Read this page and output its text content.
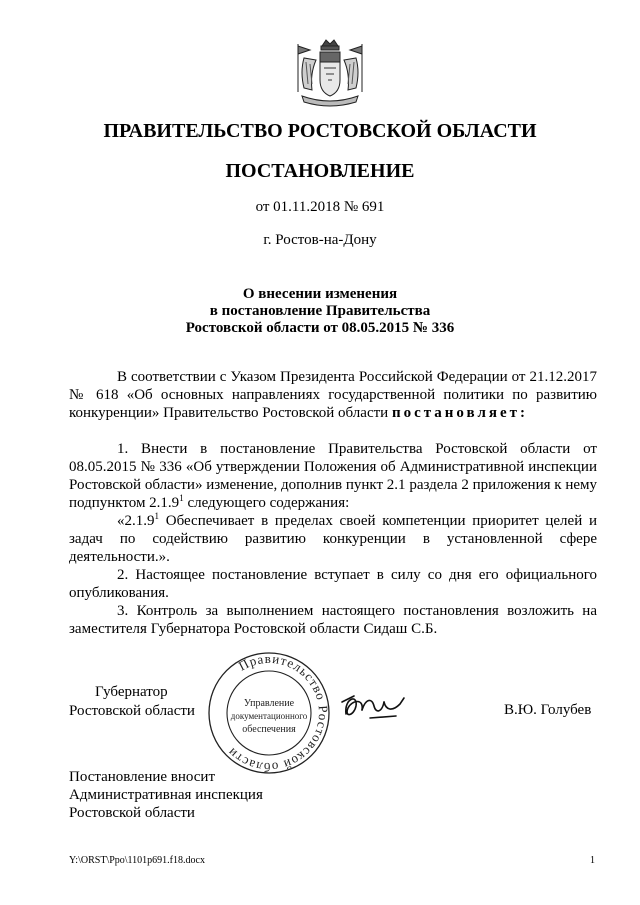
ПРАВИТЕЛЬСТВО РОСТОВСКОЙ ОБЛАСТИ
ПОСТАНОВЛЕНИЕ
от 01.11.2018 № 691
г. Ростов-на-Дону
О внесении изменения
в постановление Правительства
Ростовской области от 08.05.2015 № 336

В соответствии с Указом Президента Российской Федерации от 21.12.2017 № 618 «Об основных направлениях государственной политики по развитию конкуренции» Правительство Ростовской области постановляет:

1. Внести в постановление Правительства Ростовской области от 08.05.2015 № 336 «Об утверждении Положения об Административной инспекции Ростовской области» изменение, дополнив пункт 2.1 раздела 2 приложения к нему подпунктом 2.1.9$^1$ следующего содержания:

«2.1.9$^1$ Обеспечивает в пределах своей компетенции приоритет целей и задач по содействию развитию конкуренции в установленной сфере деятельности.».

2. Настоящее постановление вступает в силу со дня его официального опубликования.

3. Контроль за выполнением настоящего постановления возложить на заместителя Губернатора Ростовской области Сидаш С.Б.

Губернатор
Ростовской области
Правительство Ростовской области
Управление
документационного
обеспечения
В.Ю. Голубев
Постановление вносит
Административная инспекция
Ростовской области
Y:\ORST\Ppo\1101p691.f18.docx	1
